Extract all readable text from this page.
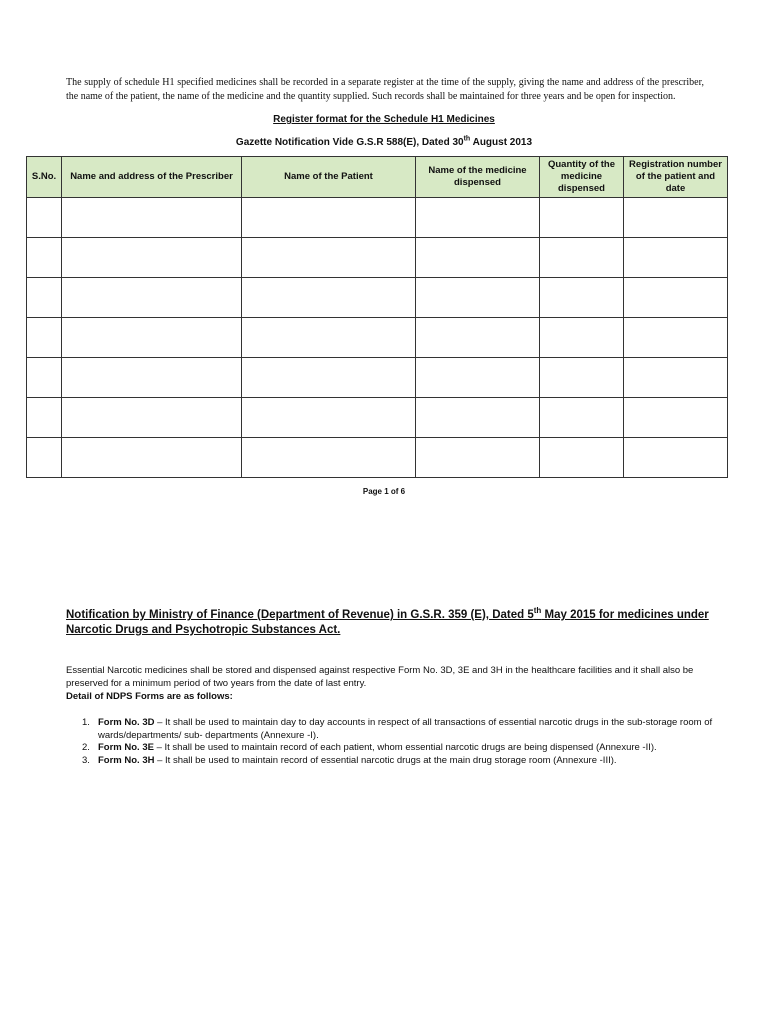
The supply of schedule H1 specified medicines shall be recorded in a separate register at the time of the supply, giving the name and address of the prescriber, the name of the patient, the name of the medicine and the quantity supplied. Such records shall be maintained for three years and be open for inspection.

Register format for the Schedule H1 Medicines
Gazette Notification Vide G.S.R 588(E), Dated 30th August 2013
S.No.	Name and address of the Prescriber	Name of the Patient	Name of the medicine dispensed	Quantity of the medicine dispensed	Registration number of the patient and date

Page 1 of 6
Notification by Ministry of Finance (Department of Revenue) in G.S.R. 359 (E), Dated 5th May 2015 for medicines under Narcotic Drugs and Psychotropic Substances Act.

Essential Narcotic medicines shall be stored and dispensed against respective Form No. 3D, 3E and 3H in the healthcare facilities and it shall also be preserved for a minimum period of two years from the date of last entry.

Detail of NDPS Forms are as follows:
1. Form No. 3D – It shall be used to maintain day to day accounts in respect of all transactions of essential narcotic drugs in the sub-storage room of wards/departments/ sub- departments (Annexure -I).
2. Form No. 3E – It shall be used to maintain record of each patient, whom essential narcotic drugs are being dispensed (Annexure -II).
3. Form No. 3H – It shall be used to maintain record of essential narcotic drugs at the main drug storage room (Annexure -III).
